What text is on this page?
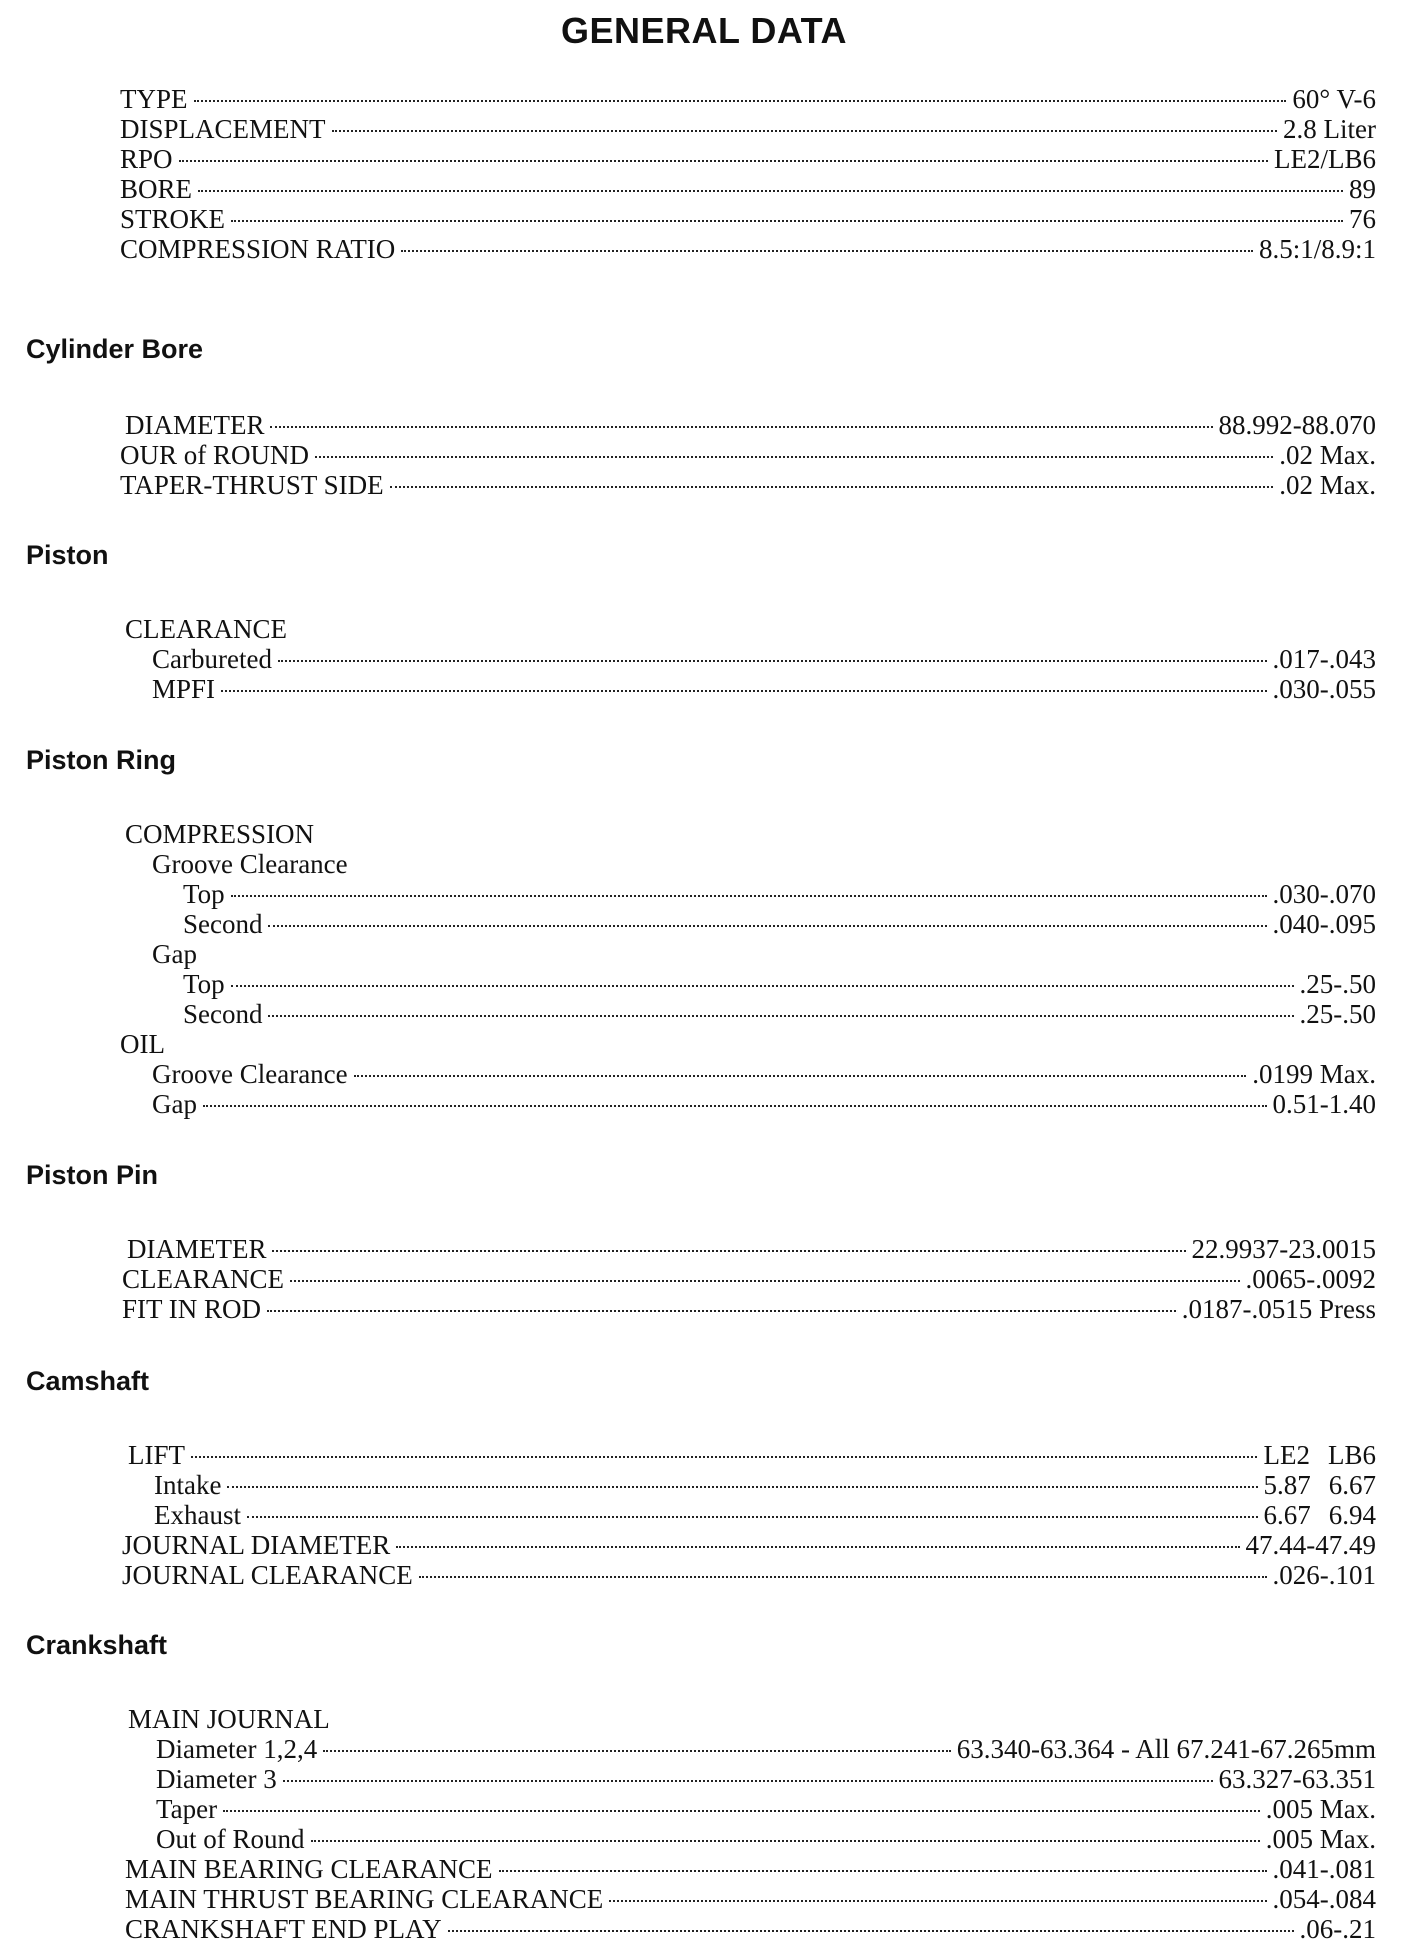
GENERAL DATA
TYPE	60° V-6
DISPLACEMENT	2.8 Liter
RPO	LE2/LB6
BORE	89
STROKE	76
COMPRESSION RATIO	8.5:1/8.9:1
Cylinder Bore
DIAMETER	88.992-88.070
OUR of ROUND	.02 Max.
TAPER-THRUST SIDE	.02 Max.
Piston
CLEARANCE
Carbureted	.017-.043
MPFI	.030-.055
Piston Ring
COMPRESSION
Groove Clearance
Top	.030-.070
Second	.040-.095
Gap
Top	.25-.50
Second	.25-.50
OIL
Groove Clearance	.0199 Max.
Gap	0.51-1.40
Piston Pin
DIAMETER	22.9937-23.0015
CLEARANCE	.0065-.0092
FIT IN ROD	.0187-.0515 Press
Camshaft
LIFT	LE2 LB6
Intake	5.87 6.67
Exhaust	6.67 6.94
JOURNAL DIAMETER	47.44-47.49
JOURNAL CLEARANCE	.026-.101
Crankshaft
MAIN JOURNAL
Diameter 1,2,4	63.340-63.364 - All 67.241-67.265mm
Diameter 3	63.327-63.351
Taper	.005 Max.
Out of Round	.005 Max.
MAIN BEARING CLEARANCE	.041-.081
MAIN THRUST BEARING CLEARANCE	.054-.084
CRANKSHAFT END PLAY	.06-.21
